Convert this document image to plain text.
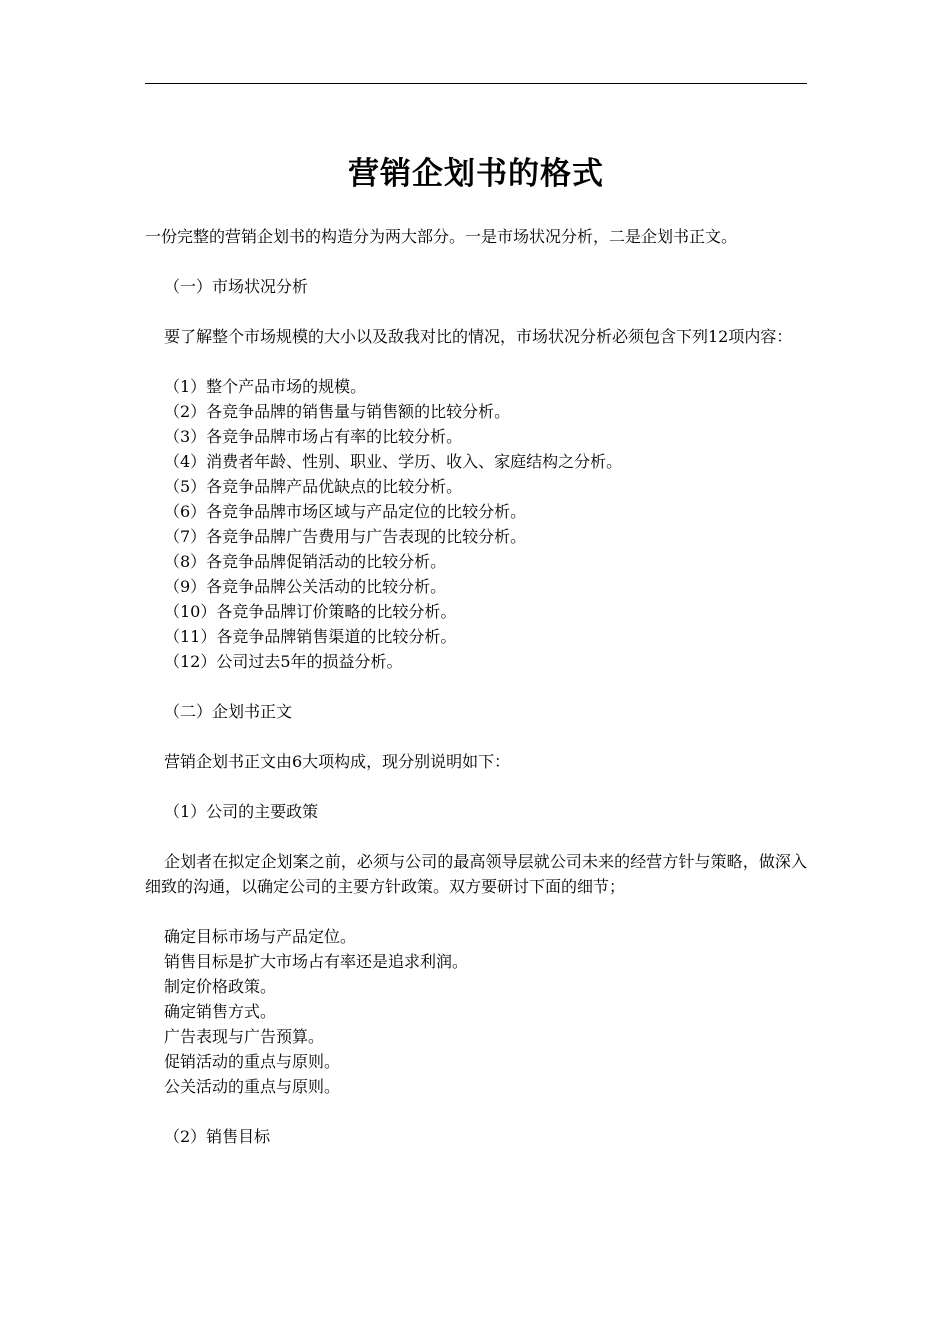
营销企划书的格式

一份完整的营销企划书的构造分为两大部分。一是市场状况分析，二是企划书正文。

（一）市场状况分析

要了解整个市场规模的大小以及敌我对比的情况，市场状况分析必须包含下列12项内容：

（1）整个产品市场的规模。
（2）各竞争品牌的销售量与销售额的比较分析。
（3）各竞争品牌市场占有率的比较分析。
（4）消费者年龄、性别、职业、学历、收入、家庭结构之分析。
（5）各竞争品牌产品优缺点的比较分析。
（6）各竞争品牌市场区域与产品定位的比较分析。
（7）各竞争品牌广告费用与广告表现的比较分析。
（8）各竞争品牌促销活动的比较分析。
（9）各竞争品牌公关活动的比较分析。
（10）各竞争品牌订价策略的比较分析。
（11）各竞争品牌销售渠道的比较分析。
（12）公司过去5年的损益分析。

（二）企划书正文

营销企划书正文由6大项构成，现分别说明如下：

（1）公司的主要政策

企划者在拟定企划案之前，必须与公司的最高领导层就公司未来的经营方针与策略，做深入细致的沟通，以确定公司的主要方针政策。双方要研讨下面的细节；

确定目标市场与产品定位。
销售目标是扩大市场占有率还是追求利润。
制定价格政策。
确定销售方式。
广告表现与广告预算。
促销活动的重点与原则。
公关活动的重点与原则。

（2）销售目标
